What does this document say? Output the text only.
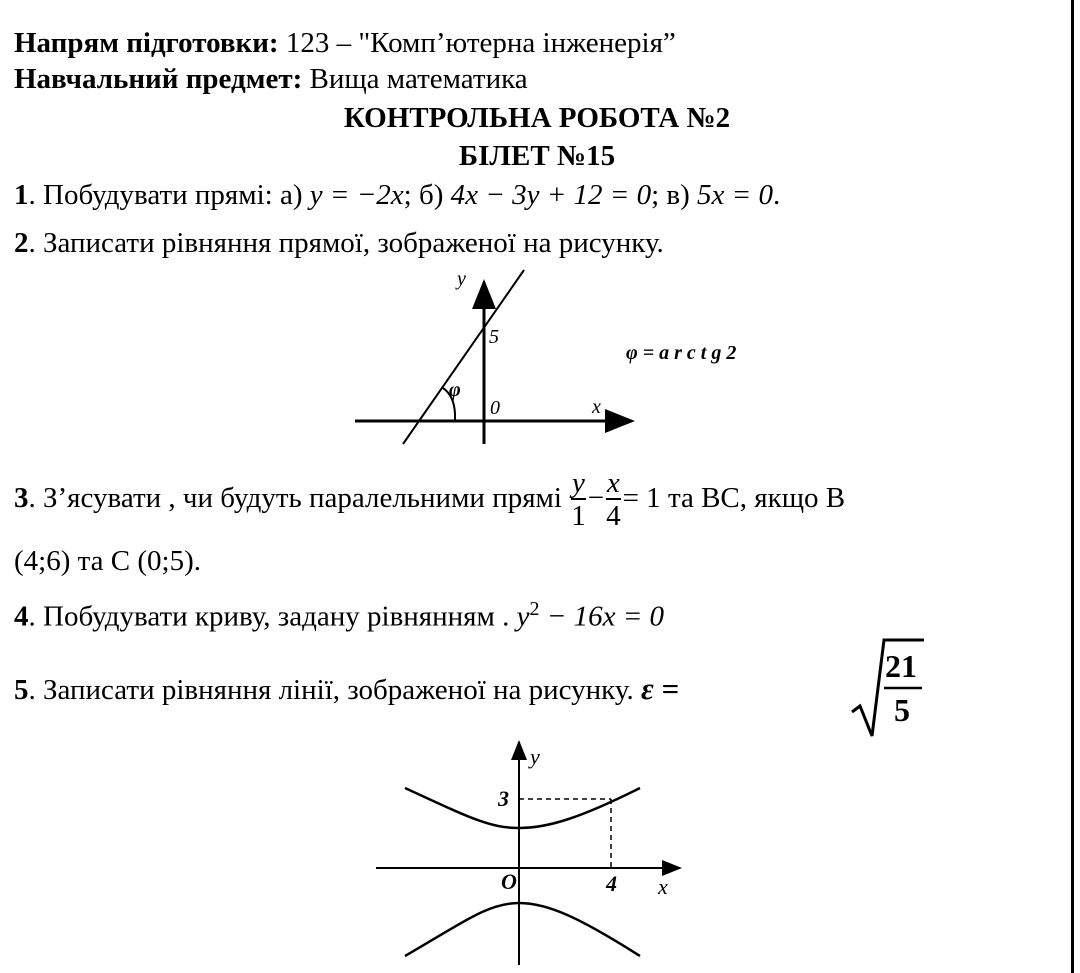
Напрям підготовки: 123 – "Комп’ютерна інженерія”
Навчальний предмет: Вища математика
КОНТРОЛЬНА РОБОТА №2
БІЛЕТ №15
1. Побудувати прямі: а) y = −2x; б) 4x − 3y + 12 = 0; в) 5x = 0.
2. Записати рівняння прямої, зображеної на рисунку.
y
x
0
5
φ
φ = a r c t g 2
3. З’ясувати , чи будуть паралельними прямі $\frac{y}{1} - \frac{x}{4} = 1$ та ВС, якщо В
(4;6) та С (0;5).
4. Побудувати криву, задану рівнянням . $y^2 - 16x = 0$
5. Записати рівняння лінії, зображеної на рисунку. ε =
21
5
y
x
O
3
4
